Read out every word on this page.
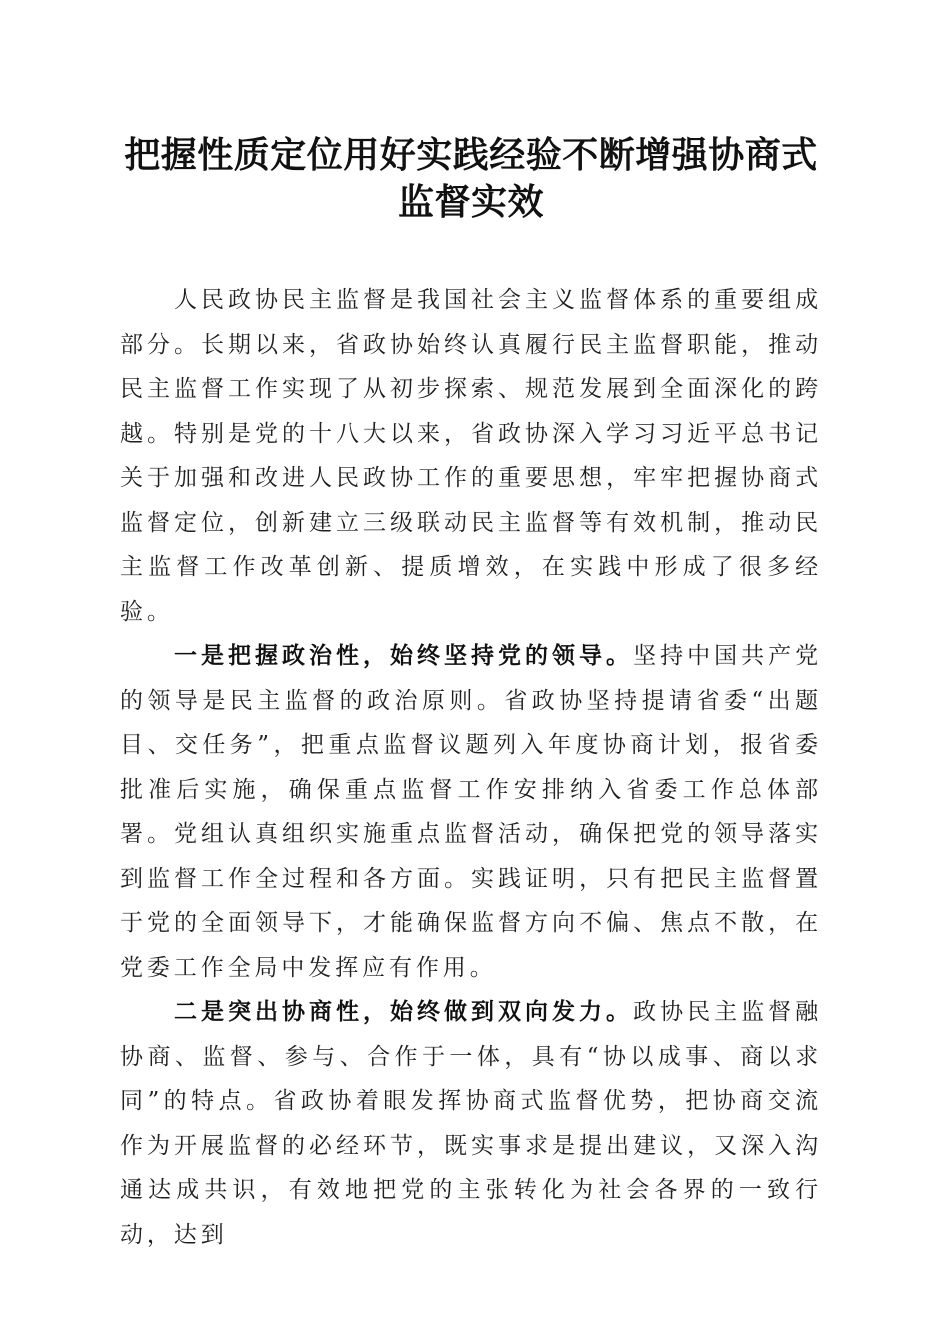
把握性质定位用好实践经验不断增强协商式监督实效

人民政协民主监督是我国社会主义监督体系的重要组成部分。长期以来，省政协始终认真履行民主监督职能，推动民主监督工作实现了从初步探索、规范发展到全面深化的跨越。特别是党的十八大以来，省政协深入学习习近平总书记关于加强和改进人民政协工作的重要思想，牢牢把握协商式监督定位，创新建立三级联动民主监督等有效机制，推动民主监督工作改革创新、提质增效，在实践中形成了很多经验。

一是把握政治性，始终坚持党的领导。坚持中国共产党的领导是民主监督的政治原则。省政协坚持提请省委“出题目、交任务”，把重点监督议题列入年度协商计划，报省委批准后实施，确保重点监督工作安排纳入省委工作总体部署。党组认真组织实施重点监督活动，确保把党的领导落实到监督工作全过程和各方面。实践证明，只有把民主监督置于党的全面领导下，才能确保监督方向不偏、焦点不散，在党委工作全局中发挥应有作用。

二是突出协商性，始终做到双向发力。政协民主监督融协商、监督、参与、合作于一体，具有“协以成事、商以求同”的特点。省政协着眼发挥协商式监督优势，把协商交流作为开展监督的必经环节，既实事求是提出建议，又深入沟通达成共识，有效地把党的主张转化为社会各界的一致行动，达到
